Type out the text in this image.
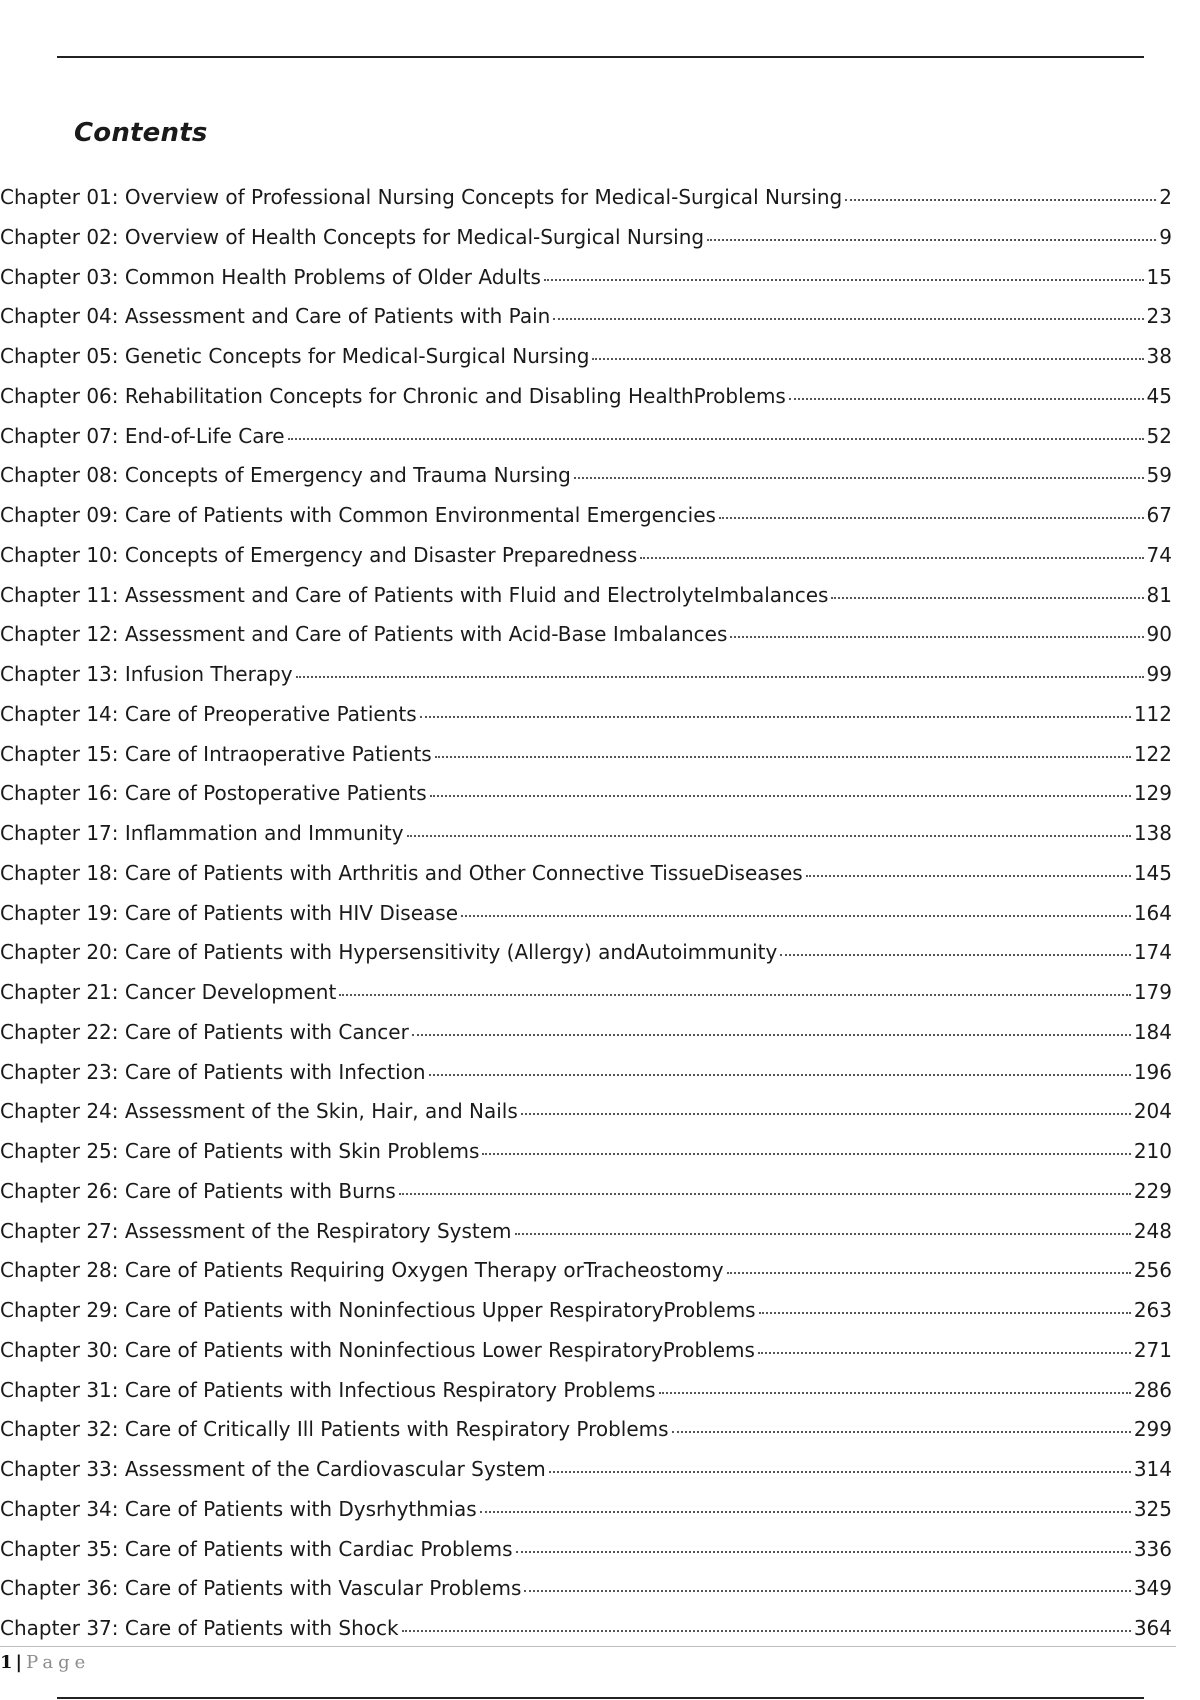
Contents
Chapter 01: Overview of Professional Nursing Concepts for Medical-Surgical Nursing	2
Chapter 02: Overview of Health Concepts for Medical-Surgical Nursing	9
Chapter 03: Common Health Problems of Older Adults	15
Chapter 04: Assessment and Care of Patients with Pain	23
Chapter 05: Genetic Concepts for Medical-Surgical Nursing	38
Chapter 06: Rehabilitation Concepts for Chronic and Disabling HealthProblems	45
Chapter 07: End-of-Life Care	52
Chapter 08: Concepts of Emergency and Trauma Nursing	59
Chapter 09: Care of Patients with Common Environmental Emergencies	67
Chapter 10: Concepts of Emergency and Disaster Preparedness	74
Chapter 11: Assessment and Care of Patients with Fluid and ElectrolyteImbalances	81
Chapter 12: Assessment and Care of Patients with Acid-Base Imbalances	90
Chapter 13: Infusion Therapy	99
Chapter 14: Care of Preoperative Patients	112
Chapter 15: Care of Intraoperative Patients	122
Chapter 16: Care of Postoperative Patients	129
Chapter 17: Inflammation and Immunity	138
Chapter 18: Care of Patients with Arthritis and Other Connective TissueDiseases	145
Chapter 19: Care of Patients with HIV Disease	164
Chapter 20: Care of Patients with Hypersensitivity (Allergy) andAutoimmunity	174
Chapter 21: Cancer Development	179
Chapter 22: Care of Patients with Cancer	184
Chapter 23: Care of Patients with Infection	196
Chapter 24: Assessment of the Skin, Hair, and Nails	204
Chapter 25: Care of Patients with Skin Problems	210
Chapter 26: Care of Patients with Burns	229
Chapter 27: Assessment of the Respiratory System	248
Chapter 28: Care of Patients Requiring Oxygen Therapy orTracheostomy	256
Chapter 29: Care of Patients with Noninfectious Upper RespiratoryProblems	263
Chapter 30: Care of Patients with Noninfectious Lower RespiratoryProblems	271
Chapter 31: Care of Patients with Infectious Respiratory Problems	286
Chapter 32: Care of Critically Ill Patients with Respiratory Problems	299
Chapter 33: Assessment of the Cardiovascular System	314
Chapter 34: Care of Patients with Dysrhythmias	325
Chapter 35: Care of Patients with Cardiac Problems	336
Chapter 36: Care of Patients with Vascular Problems	349
Chapter 37: Care of Patients with Shock	364
1 | Page
